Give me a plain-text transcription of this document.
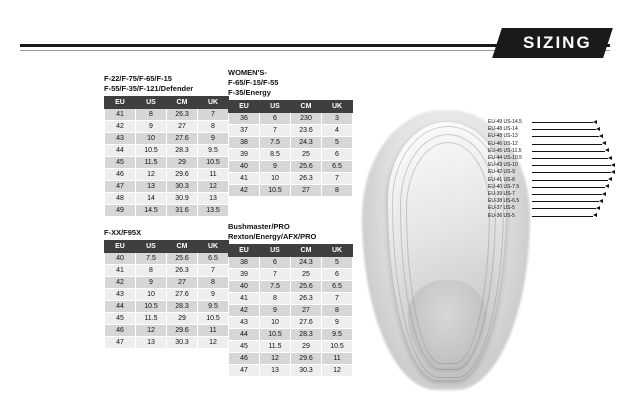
SIZING
EU-49 US-14.5
EU-48 US-14
EU-48 US-13
EU-46 US-12
EU-45 US-11.5
EU-44 US-10.5
EU-43 US-10
EU-42 US-9
EU-41 US-8
EU-40 US-7.5
EU-39 US-7
EU-38 US-6.5
EU-37 US-5
EU-36 US-5
F-22/F-75/F-65/F-15
F-55/F-35/F-121/Defender
EU	US	CM	UK
41	8	26.3	7
42	9	27	8
43	10	27.6	9
44	10.5	28.3	9.5
45	11.5	29	10.5
46	12	29.6	11
47	13	30.3	12
48	14	30.9	13
49	14.5	31.6	13.5
WOMEN'S-
F-65/F-15/F-55
F-35/Energy
EU	US	CM	UK
36	6	230	3
37	7	23.6	4
38	7.5	24.3	5
39	8.5	25	6
40	9	25.6	6.5
41	10	26.3	7
42	10.5	27	8
F-XX/F95X
EU	US	CM	UK
40	7.5	25.6	6.5
41	8	26.3	7
42	9	27	8
43	10	27.6	9
44	10.5	28.3	9.5
45	11.5	29	10.5
46	12	29.6	11
47	13	30.3	12
Bushmaster/PRO
Rexton/Energy/AFX/PRO
EU	US	CM	UK
38	6	24.3	5
39	7	25	6
40	7.5	25.6	6.5
41	8	26.3	7
42	9	27	8
43	10	27.6	9
44	10.5	28.3	9.5
45	11.5	29	10.5
46	12	29.6	11
47	13	30.3	12
